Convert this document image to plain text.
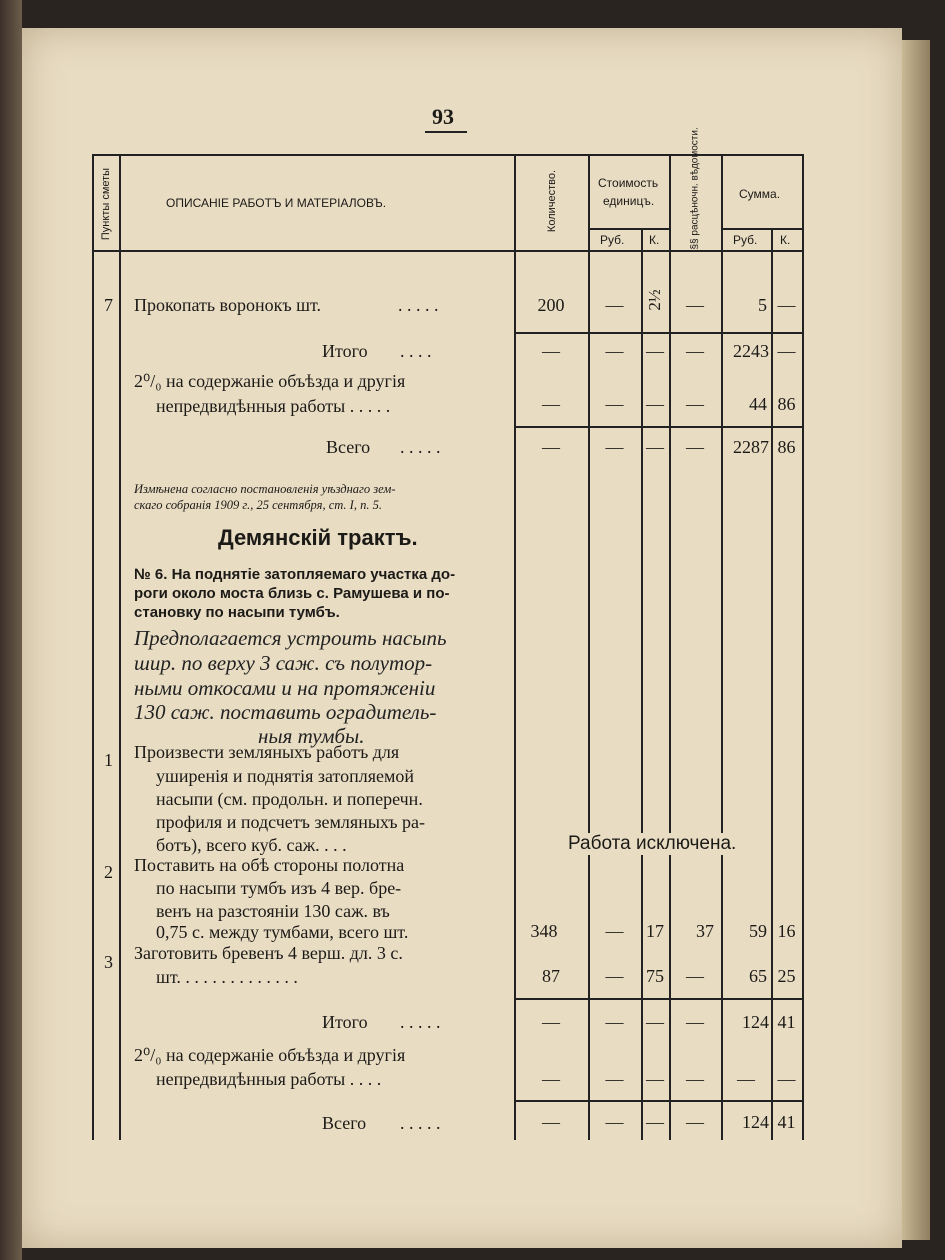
93
Пункты сметы	ОПИСАНIЕ РАБОТЪ И МАТЕРIАЛОВЪ.	Количество.	Стоимость
единицъ.
Руб. К.	§§ расцѣночн. вѣдомости.	Сумма.
Руб. К.
7 Прокопать воронокъ шт.	. . . . .	200	—	2½	—	5 —
Итого . . . .	—	—	—	—	2243 —
2⁰/₀ на содержанiе объѣзда и другiя
непредвидѣнныя работы . . . . .	—	—	—	—	44 86
Всего . . . . .	—	—	—	—	2287 86
Измѣнена согласно постановленiя уѣзднаго зем-
скаго собранiя 1909 г., 25 сентября, ст. I, п. 5.
Демянскiй трактъ.
№ 6. На поднятiе затопляемаго участка до-
роги около моста близь с. Рамушева и по-
становку по насыпи тумбъ.
Предполагается устроить насыпь
шир. по верху 3 саж. съ полутор-
ными откосами и на протяженiи
130 саж. поставить оградитель-
ныя тумбы.
1 Произвести земляныхъ работъ для
уширенiя и поднятiя затопляемой
насыпи (см. продольн. и поперечн.
профиля и подсчетъ земляныхъ ра-
ботъ), всего куб. саж. . . .	Работа исключена.
2 Поставить на обѣ стороны полотна
по насыпи тумбъ изъ 4 вер. бре-
венъ на разстоянiи 130 саж. въ
0,75 с. между тумбами, всего шт.	348	—	17	37	59 16
3 Заготовить бревенъ 4 верш. дл. 3 с.
шт. . . . . . . . . . . . . .	87	—	75	—	65 25
Итого . . . . .	—	—	—	—	124 41
2⁰/₀ на содержанiе объѣзда и другiя
непредвидѣнныя работы . . . .	—	—	—	—	—	—
Всего . . . . .	—	—	—	—	124 41
